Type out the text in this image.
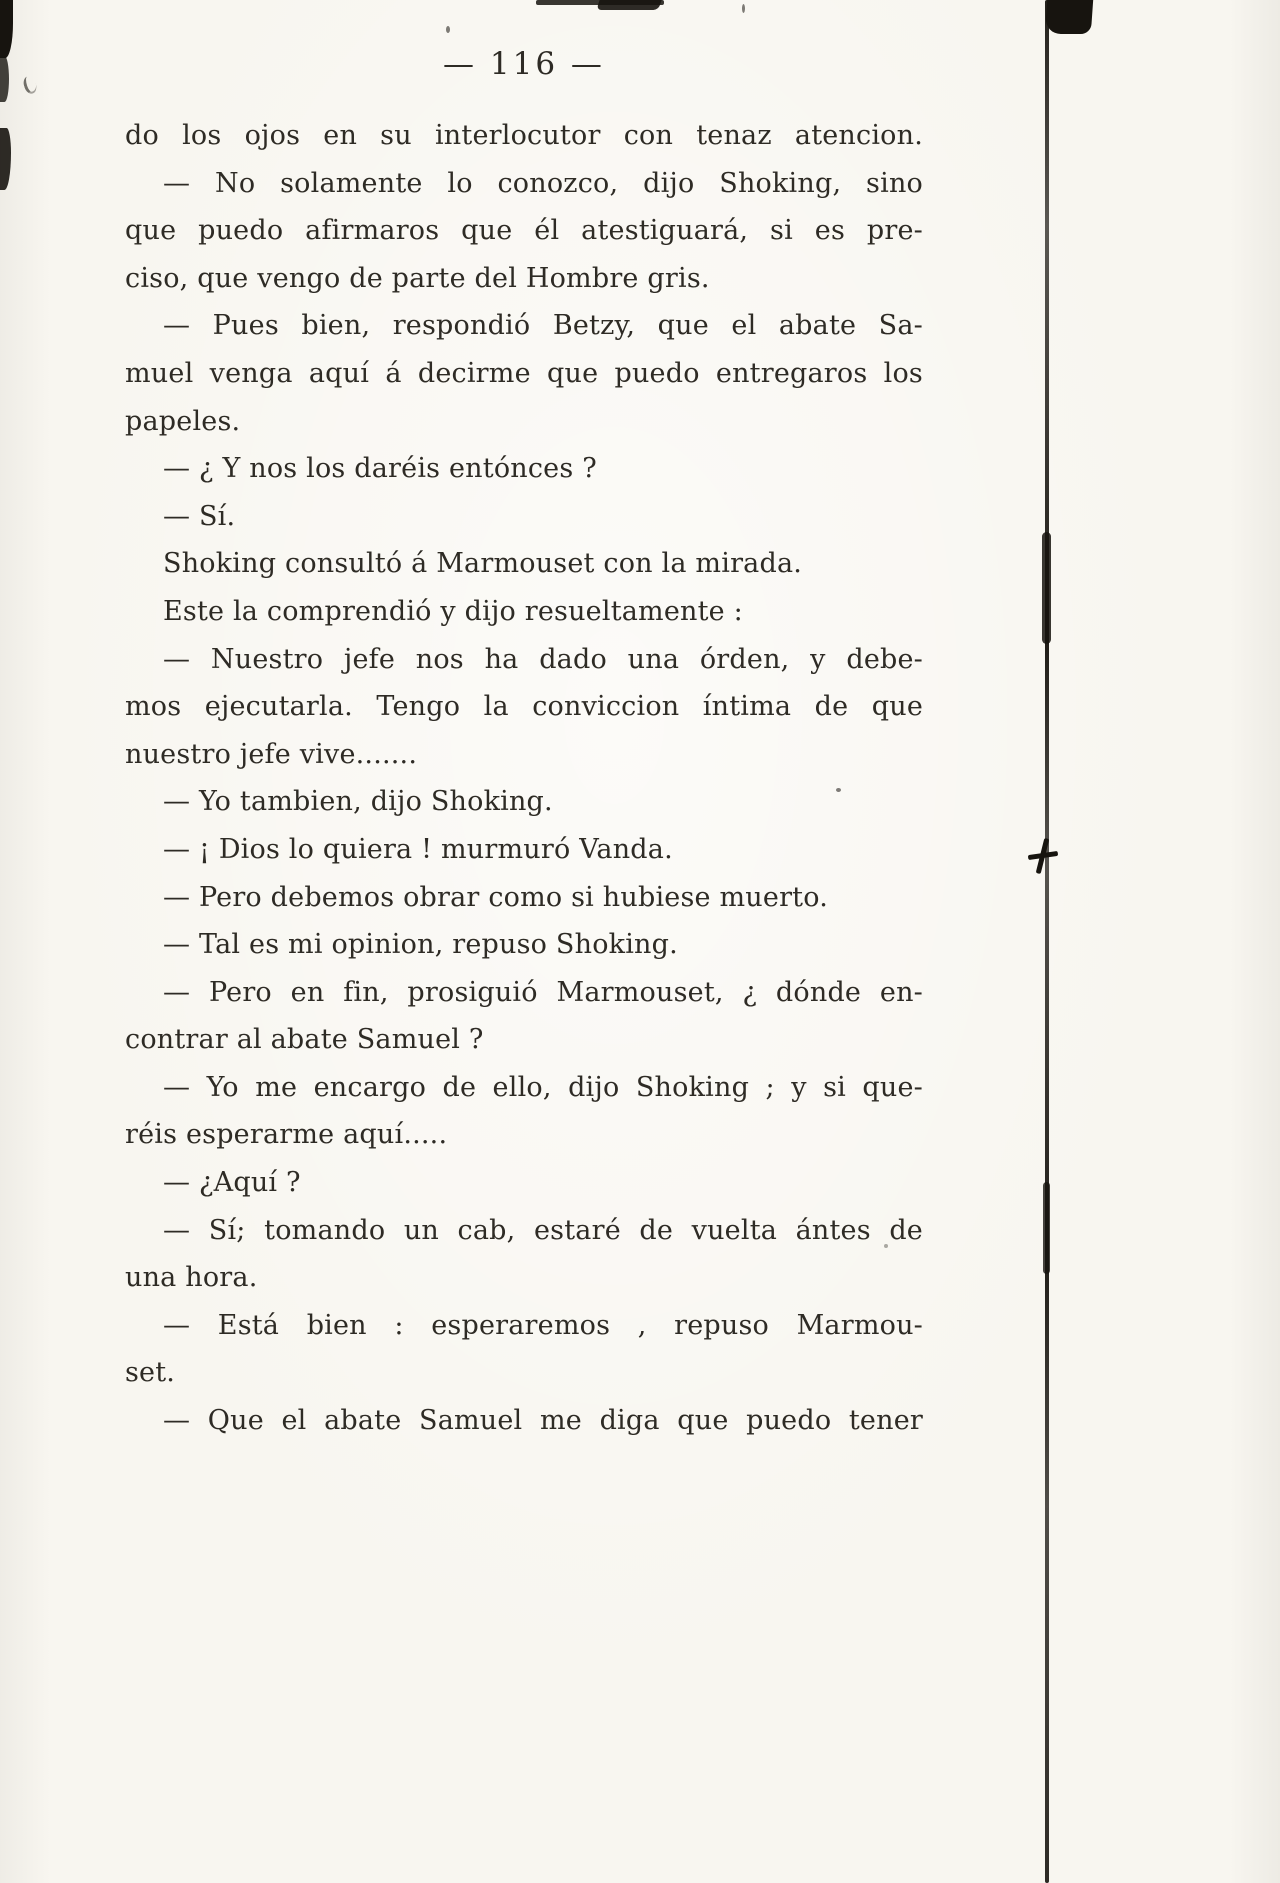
— 116 —
do los ojos en su interlocutor con tenaz atencion.
— No solamente lo conozco, dijo Shoking, sino
que puedo afirmaros que él atestiguará, si es pre-
ciso, que vengo de parte del Hombre gris.
— Pues bien, respondió Betzy, que el abate Sa-
muel venga aquí á decirme que puedo entregaros los
papeles.
— ¿ Y nos los daréis entónces ?
— Sí.
Shoking consultó á Marmouset con la mirada.
Este la comprendió y dijo resueltamente :
— Nuestro jefe nos ha dado una órden, y debe-
mos ejecutarla. Tengo la conviccion íntima de que
nuestro jefe vive.......
— Yo tambien, dijo Shoking.
— ¡ Dios lo quiera ! murmuró Vanda.
— Pero debemos obrar como si hubiese muerto.
— Tal es mi opinion, repuso Shoking.
— Pero en fin, prosiguió Marmouset, ¿ dónde en-
contrar al abate Samuel ?
— Yo me encargo de ello, dijo Shoking ; y si que-
réis esperarme aquí.....
— ¿Aquí ?
— Sí; tomando un cab, estaré de vuelta ántes de
una hora.
— Está bien : esperaremos , repuso Marmou-
set.
— Que el abate Samuel me diga que puedo tener
